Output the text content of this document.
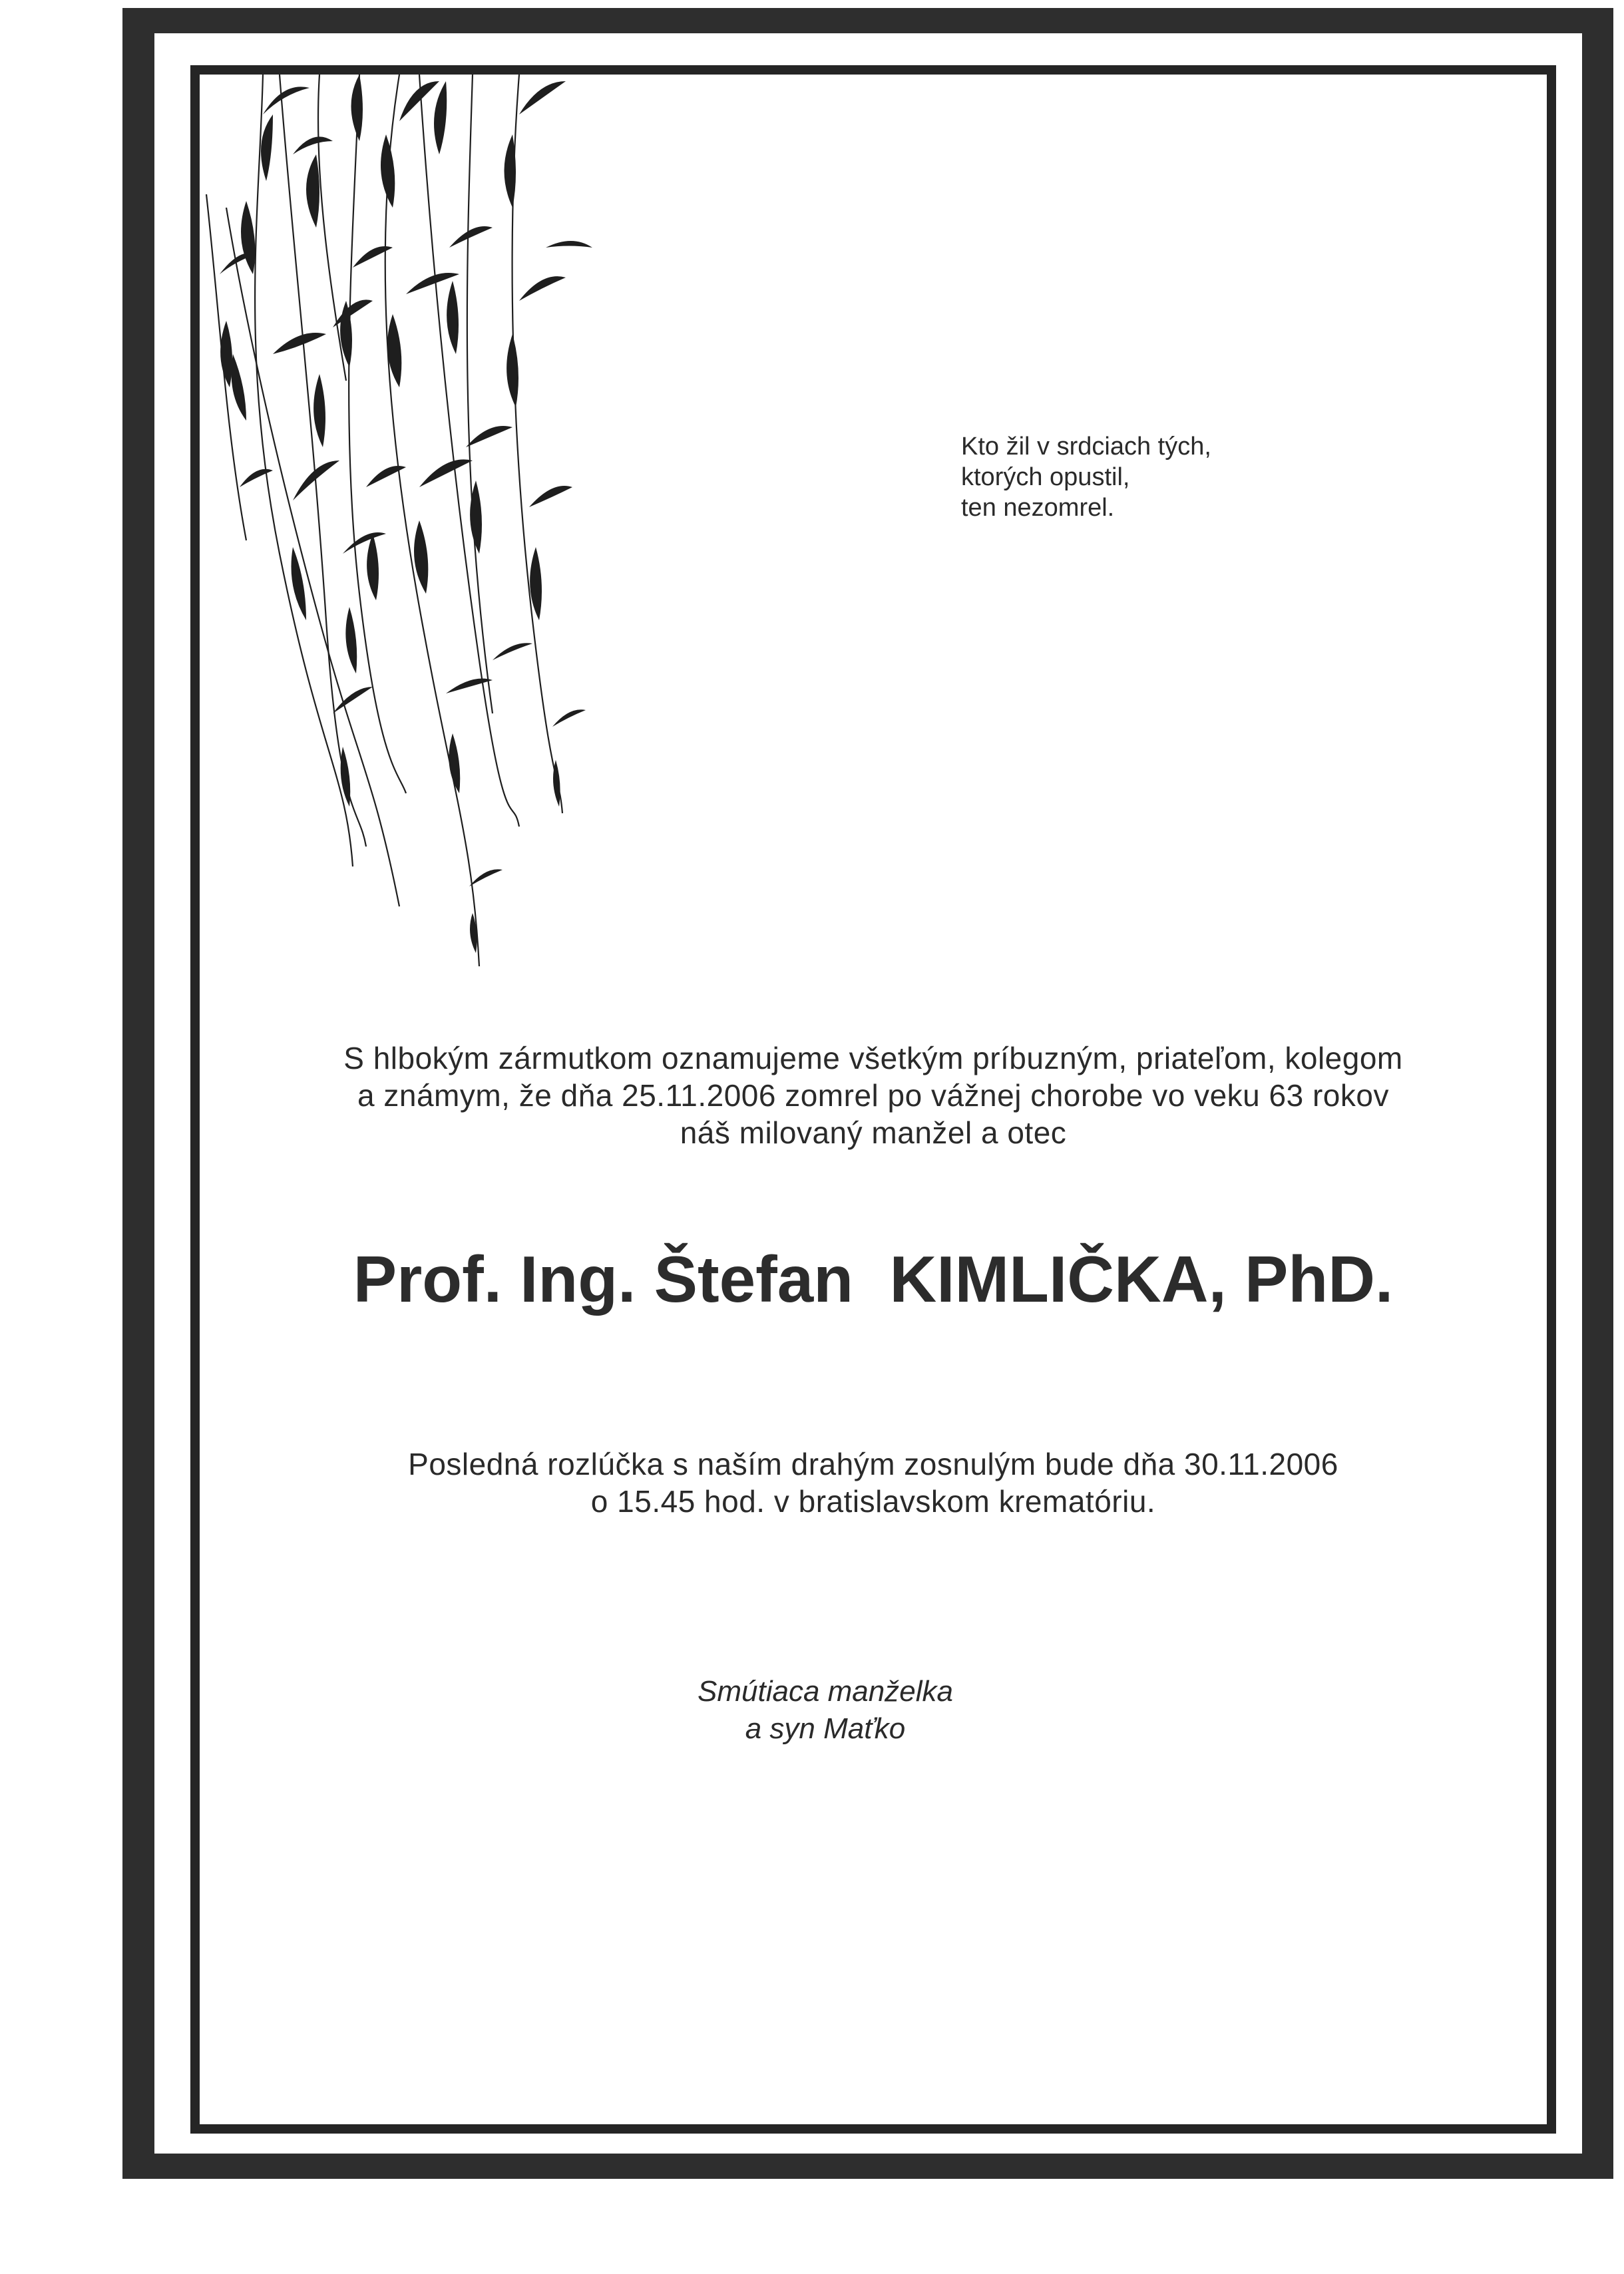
Kto žil v srdciach tých,
ktorých opustil,
ten nezomrel.
S hlbokým zármutkom oznamujeme všetkým príbuzným, priateľom, kolegom
a známym, že dňa 25.11.2006 zomrel po vážnej chorobe vo veku 63 rokov
náš milovaný manžel a otec
Prof. Ing. Štefan  KIMLIČKA, PhD.
Posledná rozlúčka s naším drahým zosnulým bude dňa 30.11.2006
o 15.45 hod. v bratislavskom krematóriu.
Smútiaca manželka
a syn Maťko
